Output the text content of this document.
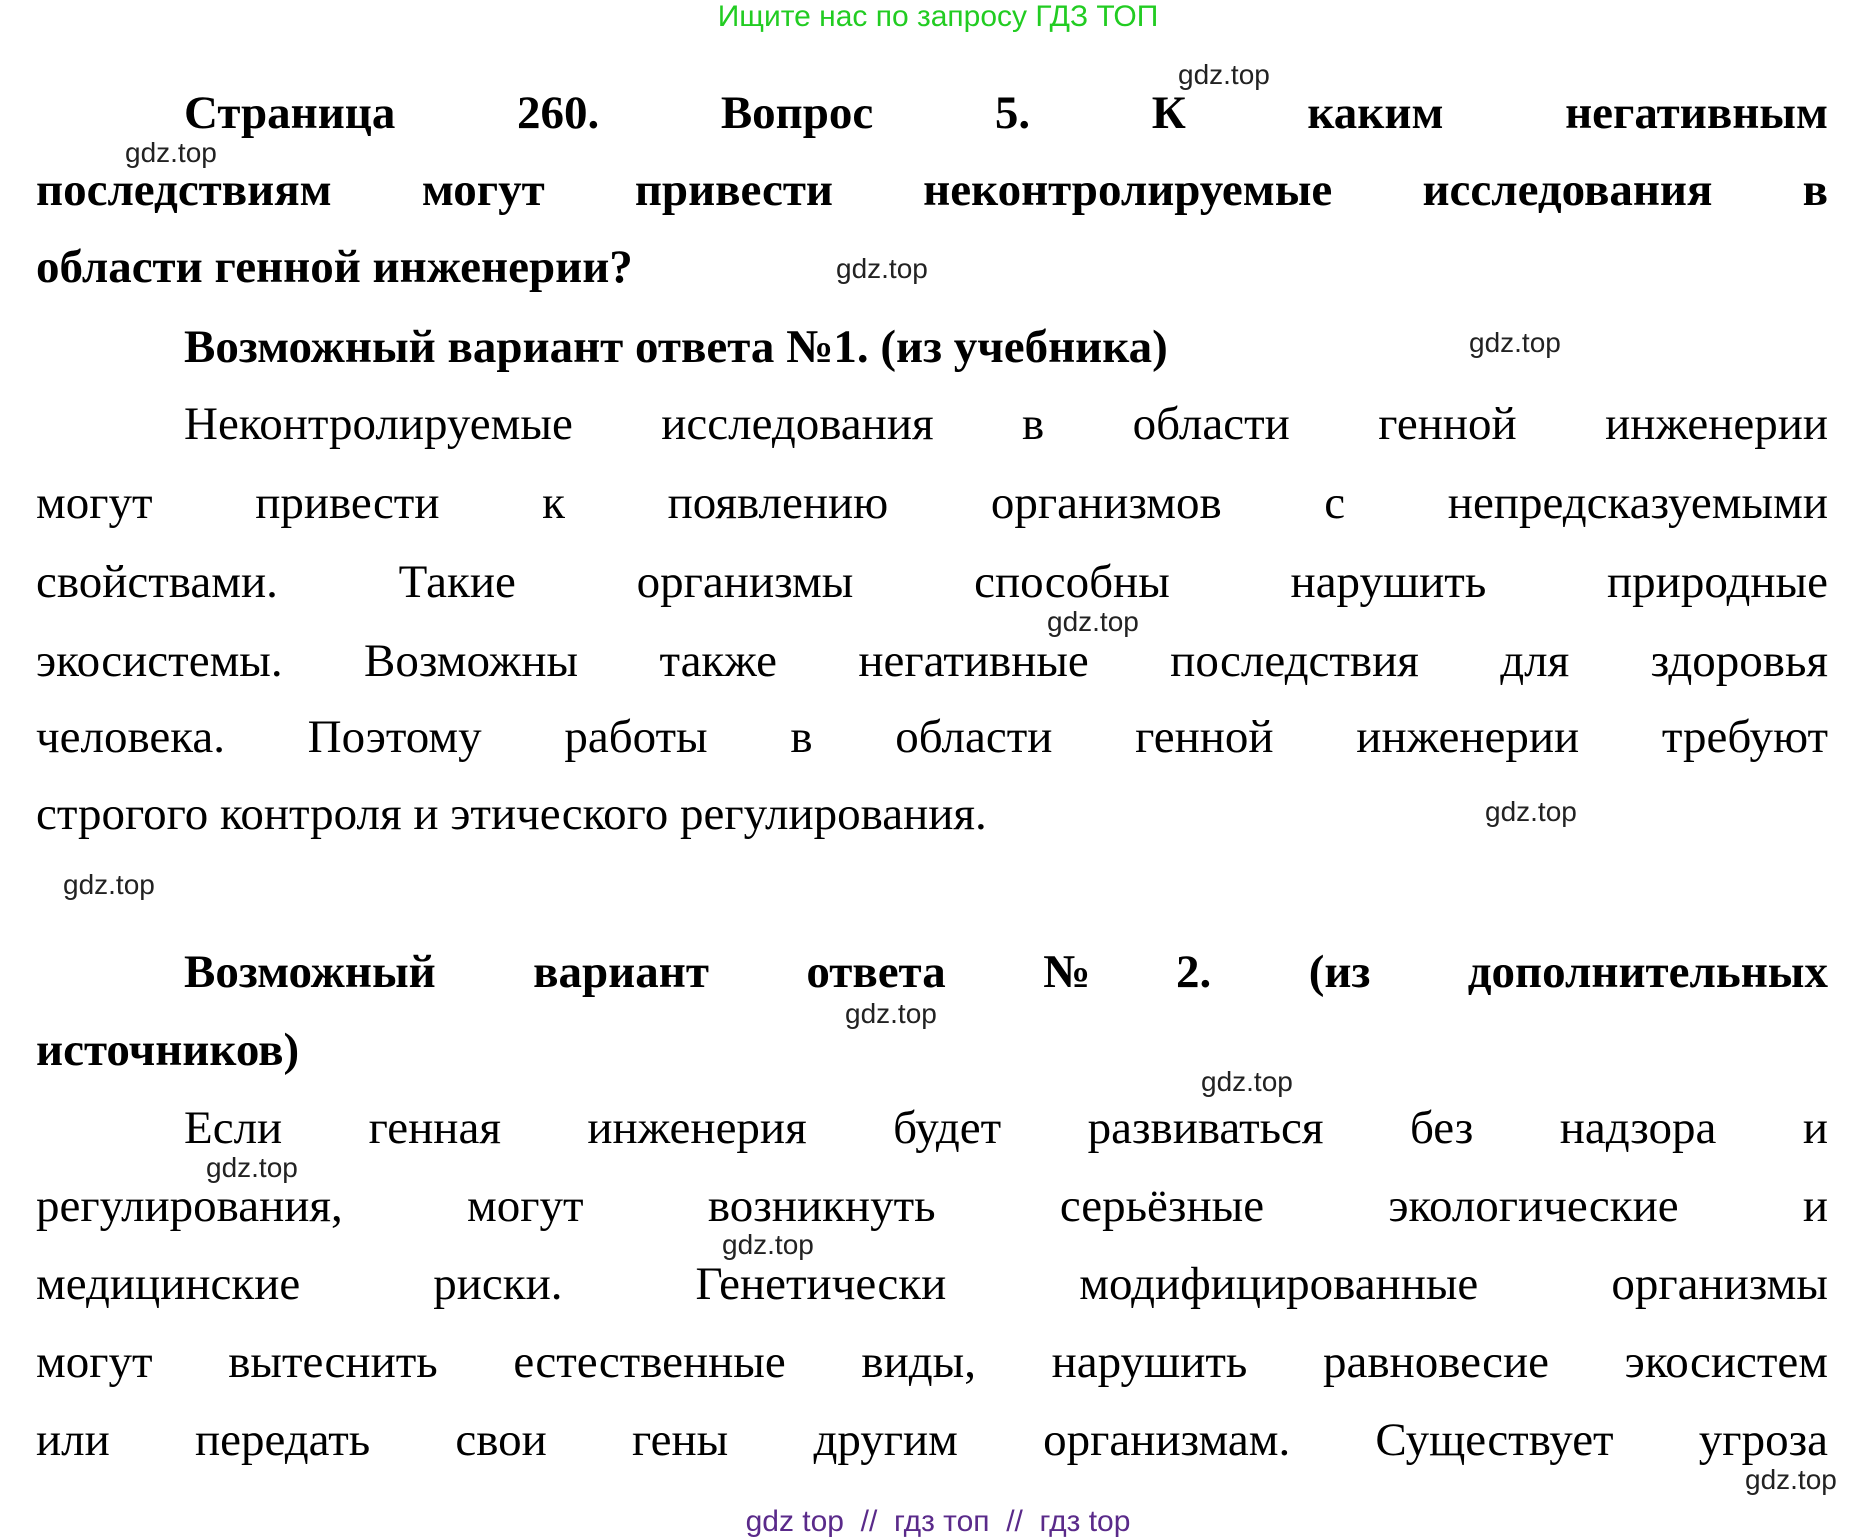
Ищите нас по запросу ГДЗ ТОП
Страница 260. Вопрос 5. К каким негативным
последствиям могут привести неконтролируемые исследования в
области генной инженерии?
Возможный вариант ответа №1. (из учебника)
Неконтролируемые исследования в области генной инженерии
могут привести к появлению организмов с непредсказуемыми
свойствами. Такие организмы способны нарушить природные
экосистемы. Возможны также негативные последствия для здоровья
человека. Поэтому работы в области генной инженерии требуют
строгого контроля и этического регулирования.
Возможный вариант ответа №2. (из дополнительных
источников)
Если генная инженерия будет развиваться без надзора и
регулирования, могут возникнуть серьёзные экологические и
медицинские риски. Генетически модифицированные организмы
могут вытеснить естественные виды, нарушить равновесие экосистем
или передать свои гены другим организмам. Существует угроза
gdz.top
gdz.top
gdz.top
gdz.top
gdz.top
gdz.top
gdz.top
gdz.top
gdz.top
gdz.top
gdz.top
gdz.top
gdz top  //  гдз топ  //  гдз top
